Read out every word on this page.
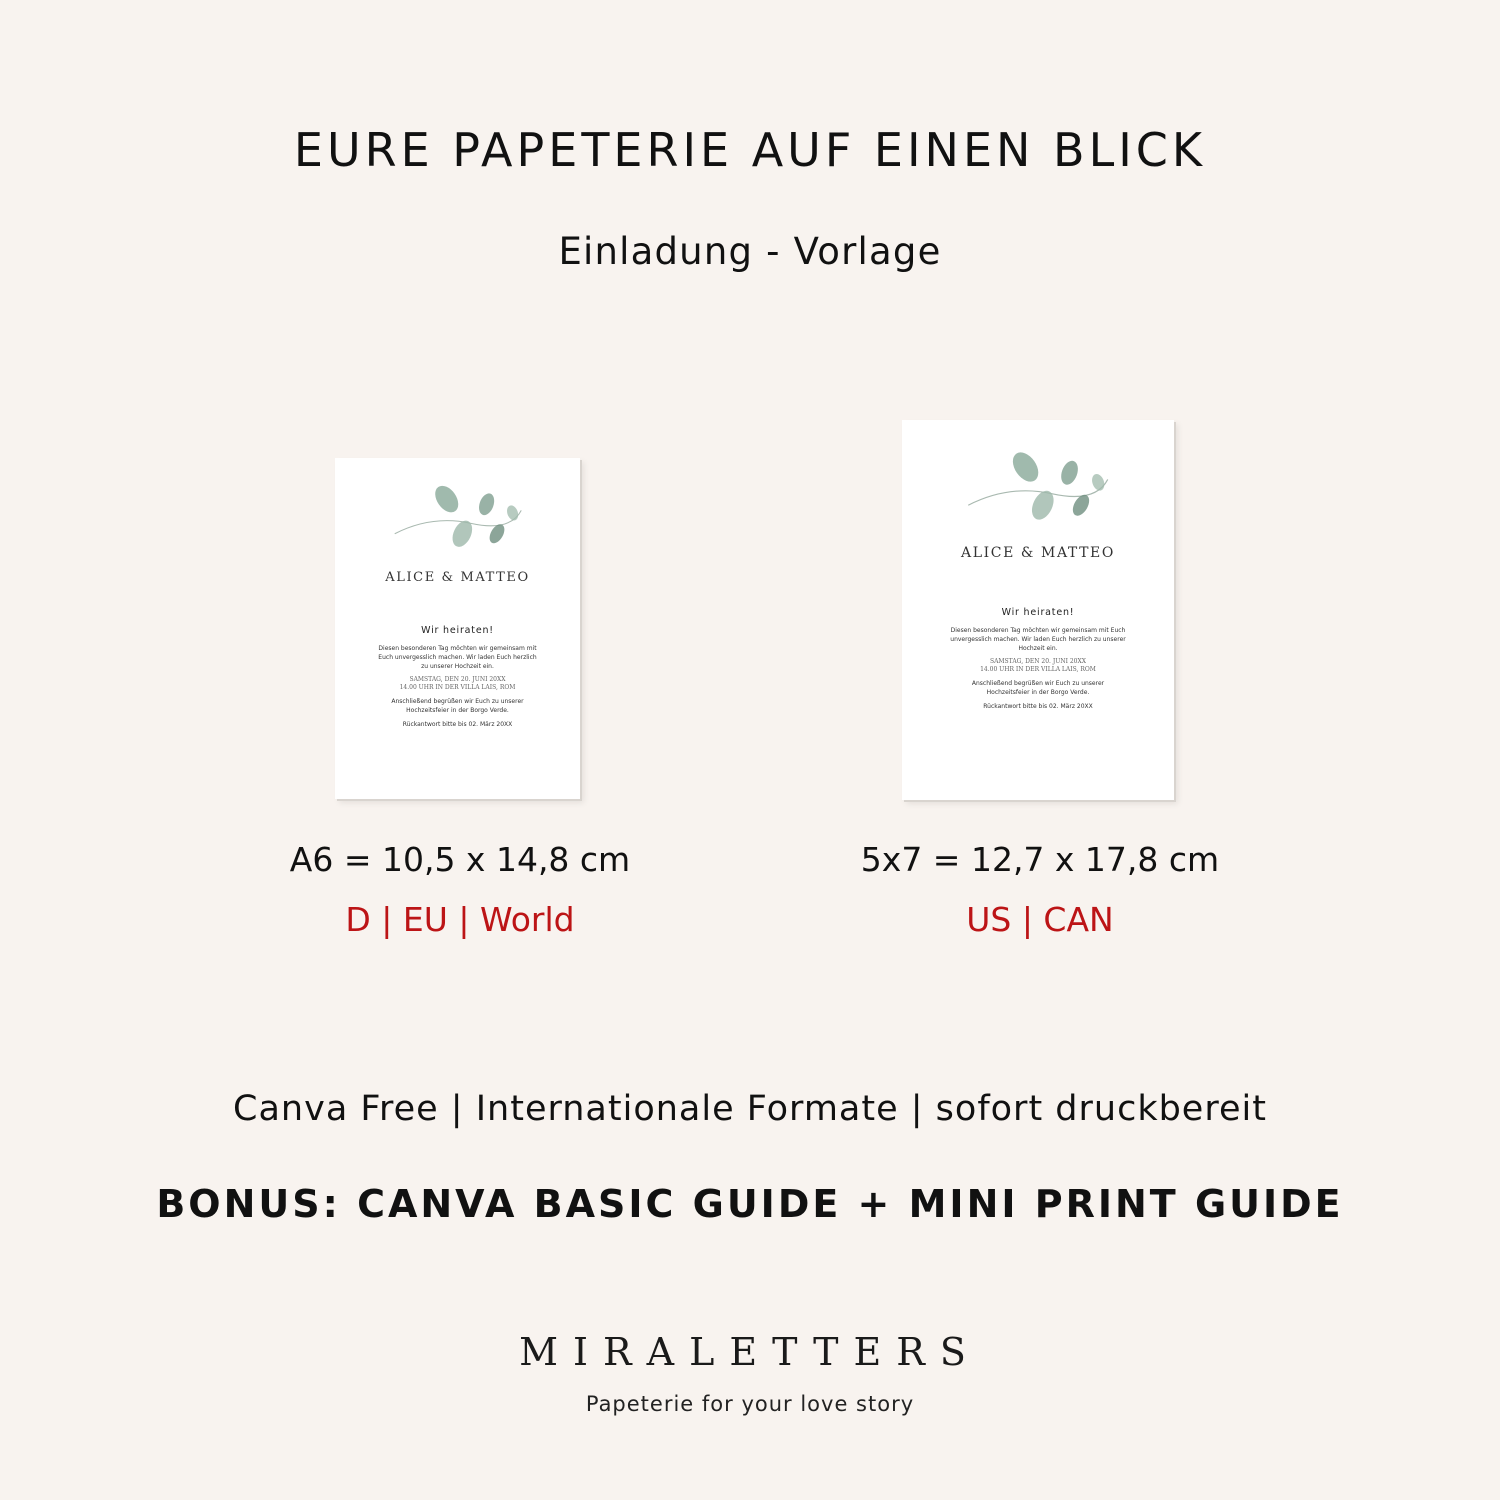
EURE PAPETERIE AUF EINEN BLICK
Einladung - Vorlage
ALICE & MATTEO
Wir heiraten!
Diesen besonderen Tag möchten wir gemeinsam mit Euch unvergesslich machen. Wir laden Euch herzlich zu unserer Hochzeit ein.
SAMSTAG, DEN 20. JUNI 20XX
14.00 UHR IN DER VILLA LAIS, ROM
Anschließend begrüßen wir Euch zu unserer Hochzeitsfeier in der Borgo Verde.
Rückantwort bitte bis 02. März 20XX
ALICE & MATTEO
Wir heiraten!
Diesen besonderen Tag möchten wir gemeinsam mit Euch unvergesslich machen. Wir laden Euch herzlich zu unserer Hochzeit ein.
SAMSTAG, DEN 20. JUNI 20XX
14.00 UHR IN DER VILLA LAIS, ROM
Anschließend begrüßen wir Euch zu unserer Hochzeitsfeier in der Borgo Verde.
Rückantwort bitte bis 02. März 20XX
A6 = 10,5 x 14,8 cm
D | EU | World
5x7 = 12,7 x 17,8 cm
US | CAN
Canva Free | Internationale Formate | sofort druckbereit
BONUS: CANVA BASIC GUIDE + MINI PRINT GUIDE
MIRALETTERS
Papeterie for your love story
